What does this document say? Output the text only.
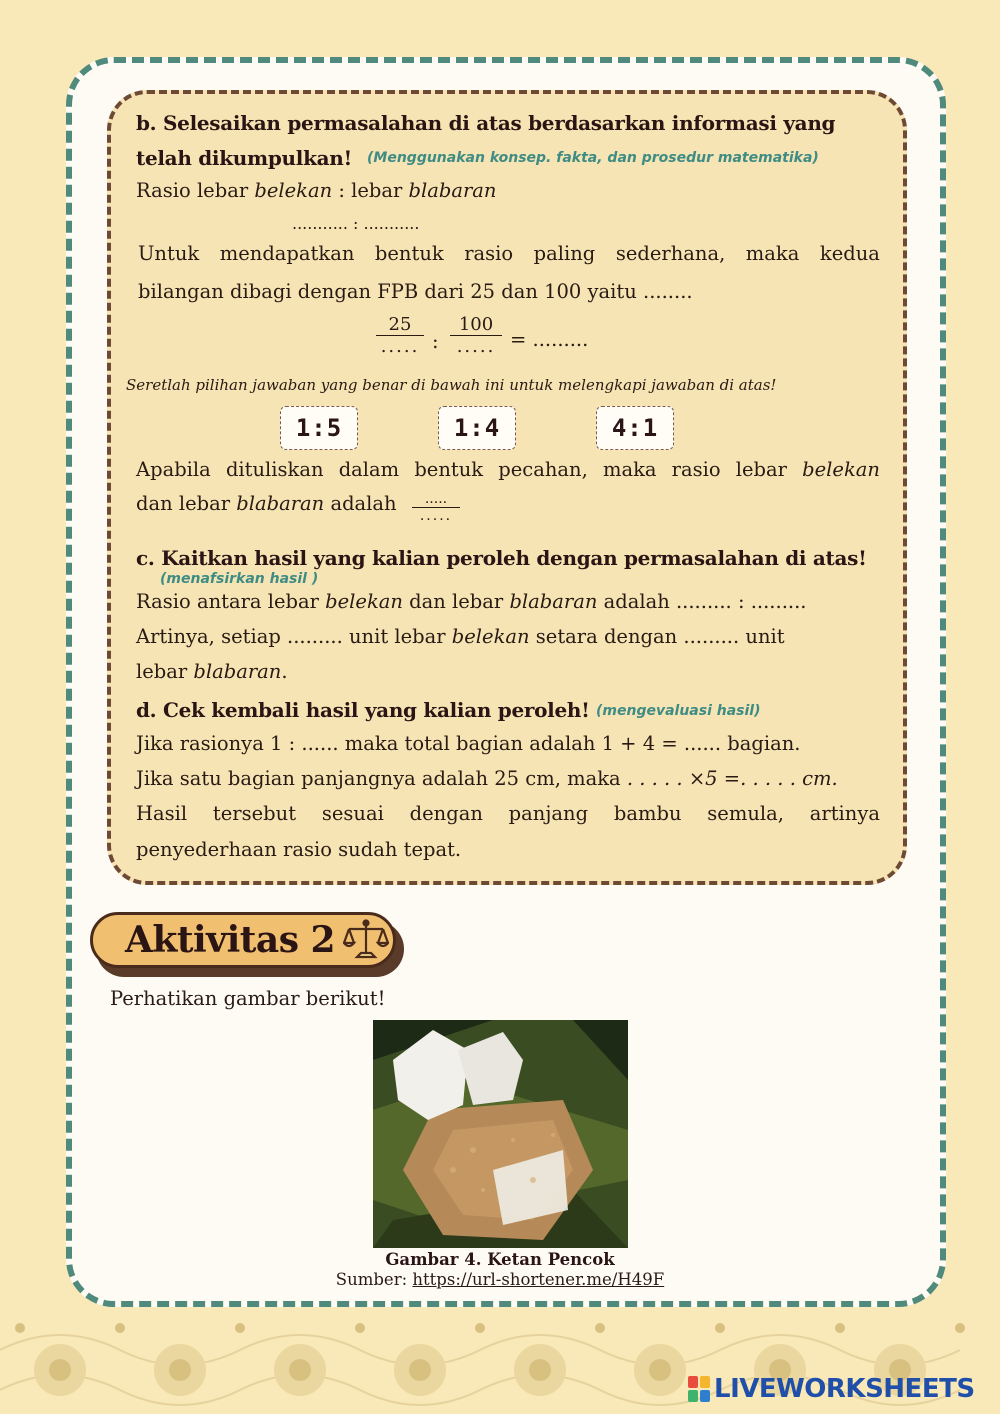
b. Selesaikan permasalahan di atas berdasarkan informasi yang
telah dikumpulkan! (Menggunakan konsep. fakta, dan prosedur matematika)
Rasio lebar belekan : lebar blabaran
........... : ...........
Untuk mendapatkan bentuk rasio paling sederhana, maka kedua
bilangan dibagi dengan FPB dari 25 dan 100 yaitu ........
25
..... :
100
..... = .........
Seretlah pilihan jawaban yang benar di bawah ini untuk melengkapi jawaban di atas!
1:5	1:4	4:1
Apabila dituliskan dalam bentuk pecahan, maka rasio lebar belekan
dan lebar blabaran adalah	.....
.....
c. Kaitkan hasil yang kalian peroleh dengan permasalahan di atas!
(menafsirkan hasil )
Rasio antara lebar belekan dan lebar blabaran adalah ......... : .........
Artinya, setiap ......... unit lebar belekan setara dengan ......... unit
lebar blabaran.
d. Cek kembali hasil yang kalian peroleh! (mengevaluasi hasil)
Jika rasionya 1 : ...... maka total bagian adalah 1 + 4 = ...... bagian.
Jika satu bagian panjangnya adalah 25 cm, maka . . . . . ×5 =. . . . . cm.
Hasil tersebut sesuai dengan panjang bambu semula, artinya
penyederhaan rasio sudah tepat.
Aktivitas 2
Perhatikan gambar berikut!
Gambar 4. Ketan Pencok
Sumber: https://url-shortener.me/H49F
LIVEWORKSHEETS
